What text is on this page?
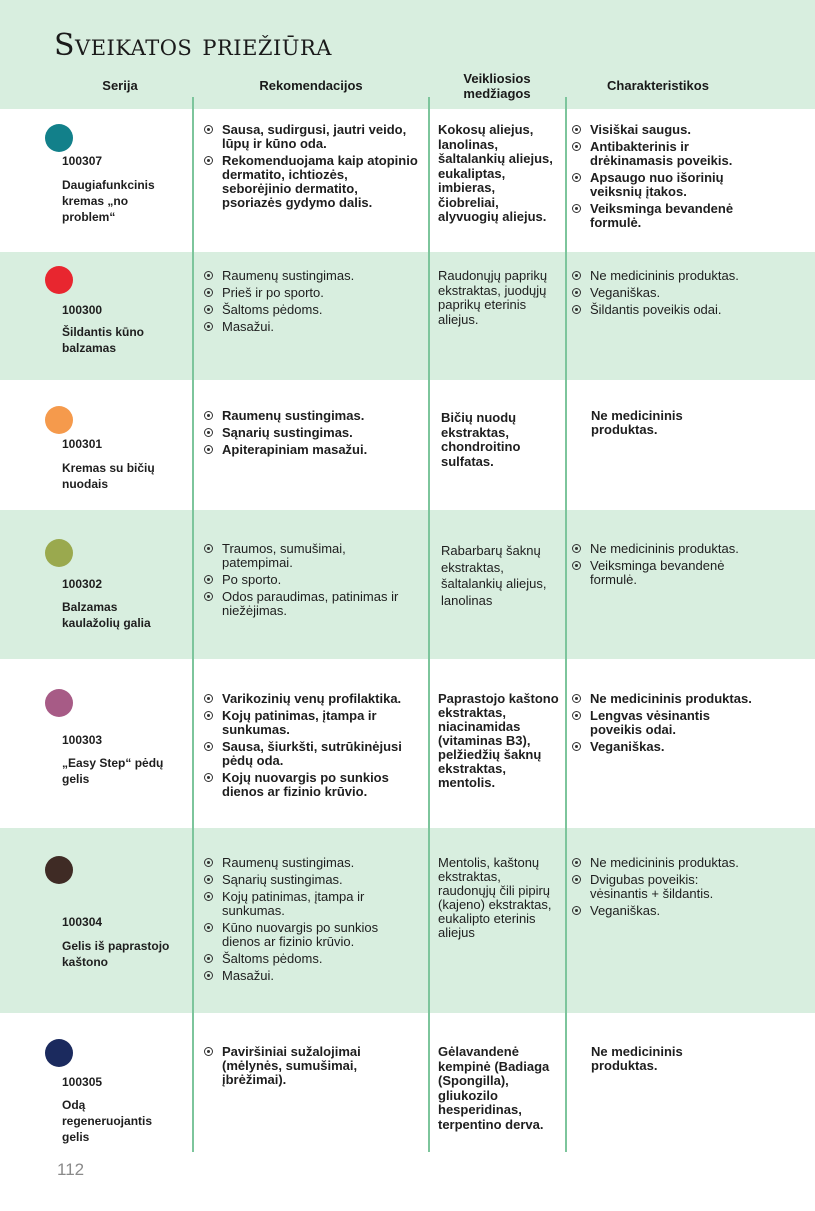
Sveikatos priežiūra
Serija	Rekomendacijos	Veikliosios
medžiagos
Charakteristikos
100307
Daugiafunkcinis kremas „no problem“
Sausa, sudirgusi, jautri veido, lūpų ir kūno oda.
Rekomenduojama kaip atopinio dermatito, ichtiozės, seborėjinio dermatito, psoriazės gydymo dalis.
Kokosų aliejus, lanolinas, šaltalankių aliejus, eukaliptas, imbieras, čiobreliai, alyvuogių aliejus.
Visiškai saugus.
Antibakterinis ir drėkinamasis poveikis.
Apsaugo nuo išorinių veiksnių įtakos.
Veiksminga bevandenė formulė.
100300
Šildantis kūno balzamas
Raumenų sustingimas.
Prieš ir po sporto.
Šaltoms pėdoms.
Masažui.
Raudonųjų paprikų ekstraktas, juodųjų paprikų eterinis aliejus.
Ne medicininis produktas.
Veganiškas.
Šildantis poveikis odai.
100301
Kremas su bičių nuodais
Raumenų sustingimas.
Sąnarių sustingimas.
Apiterapiniam masažui.
Bičių nuodų ekstraktas, chondroitino sulfatas.
Ne medicininis produktas.
100302
Balzamas kaulažolių galia
Traumos, sumušimai, patempimai.
Po sporto.
Odos paraudimas, patinimas ir niežėjimas.
Rabarbarų šaknų ekstraktas, šaltalankių aliejus, lanolinas
Ne medicininis produktas.
Veiksminga bevandenė formulė.
100303
„Easy Step“ pėdų gelis
Varikozinių venų profilaktika.
Kojų patinimas, įtampa ir sunkumas.
Sausa, šiurkšti, sutrūkinėjusi pėdų oda.
Kojų nuovargis po sunkios dienos ar fizinio krūvio.
Paprastojo kaštono ekstraktas, niacinamidas (vitaminas B3), pelžiedžių šaknų ekstraktas, mentolis.
Ne medicininis produktas.
Lengvas vėsinantis poveikis odai.
Veganiškas.
100304
Gelis iš paprastojo kaštono
Raumenų sustingimas.
Sąnarių sustingimas.
Kojų patinimas, įtampa ir sunkumas.
Kūno nuovargis po sunkios dienos ar fizinio krūvio.
Šaltoms pėdoms.
Masažui.
Mentolis, kaštonų ekstraktas, raudonųjų čili pipirų (kajeno) ekstraktas, eukalipto eterinis aliejus
Ne medicininis produktas.
Dvigubas poveikis: vėsinantis + šildantis.
Veganiškas.
100305
Odą regeneruojantis gelis
Paviršiniai sužalojimai (mėlynės, sumušimai, įbrėžimai).
Gėlavandenė kempinė (Badiaga (Spongilla), gliukozilo hesperidinas, terpentino derva.
Ne medicininis produktas.
112
